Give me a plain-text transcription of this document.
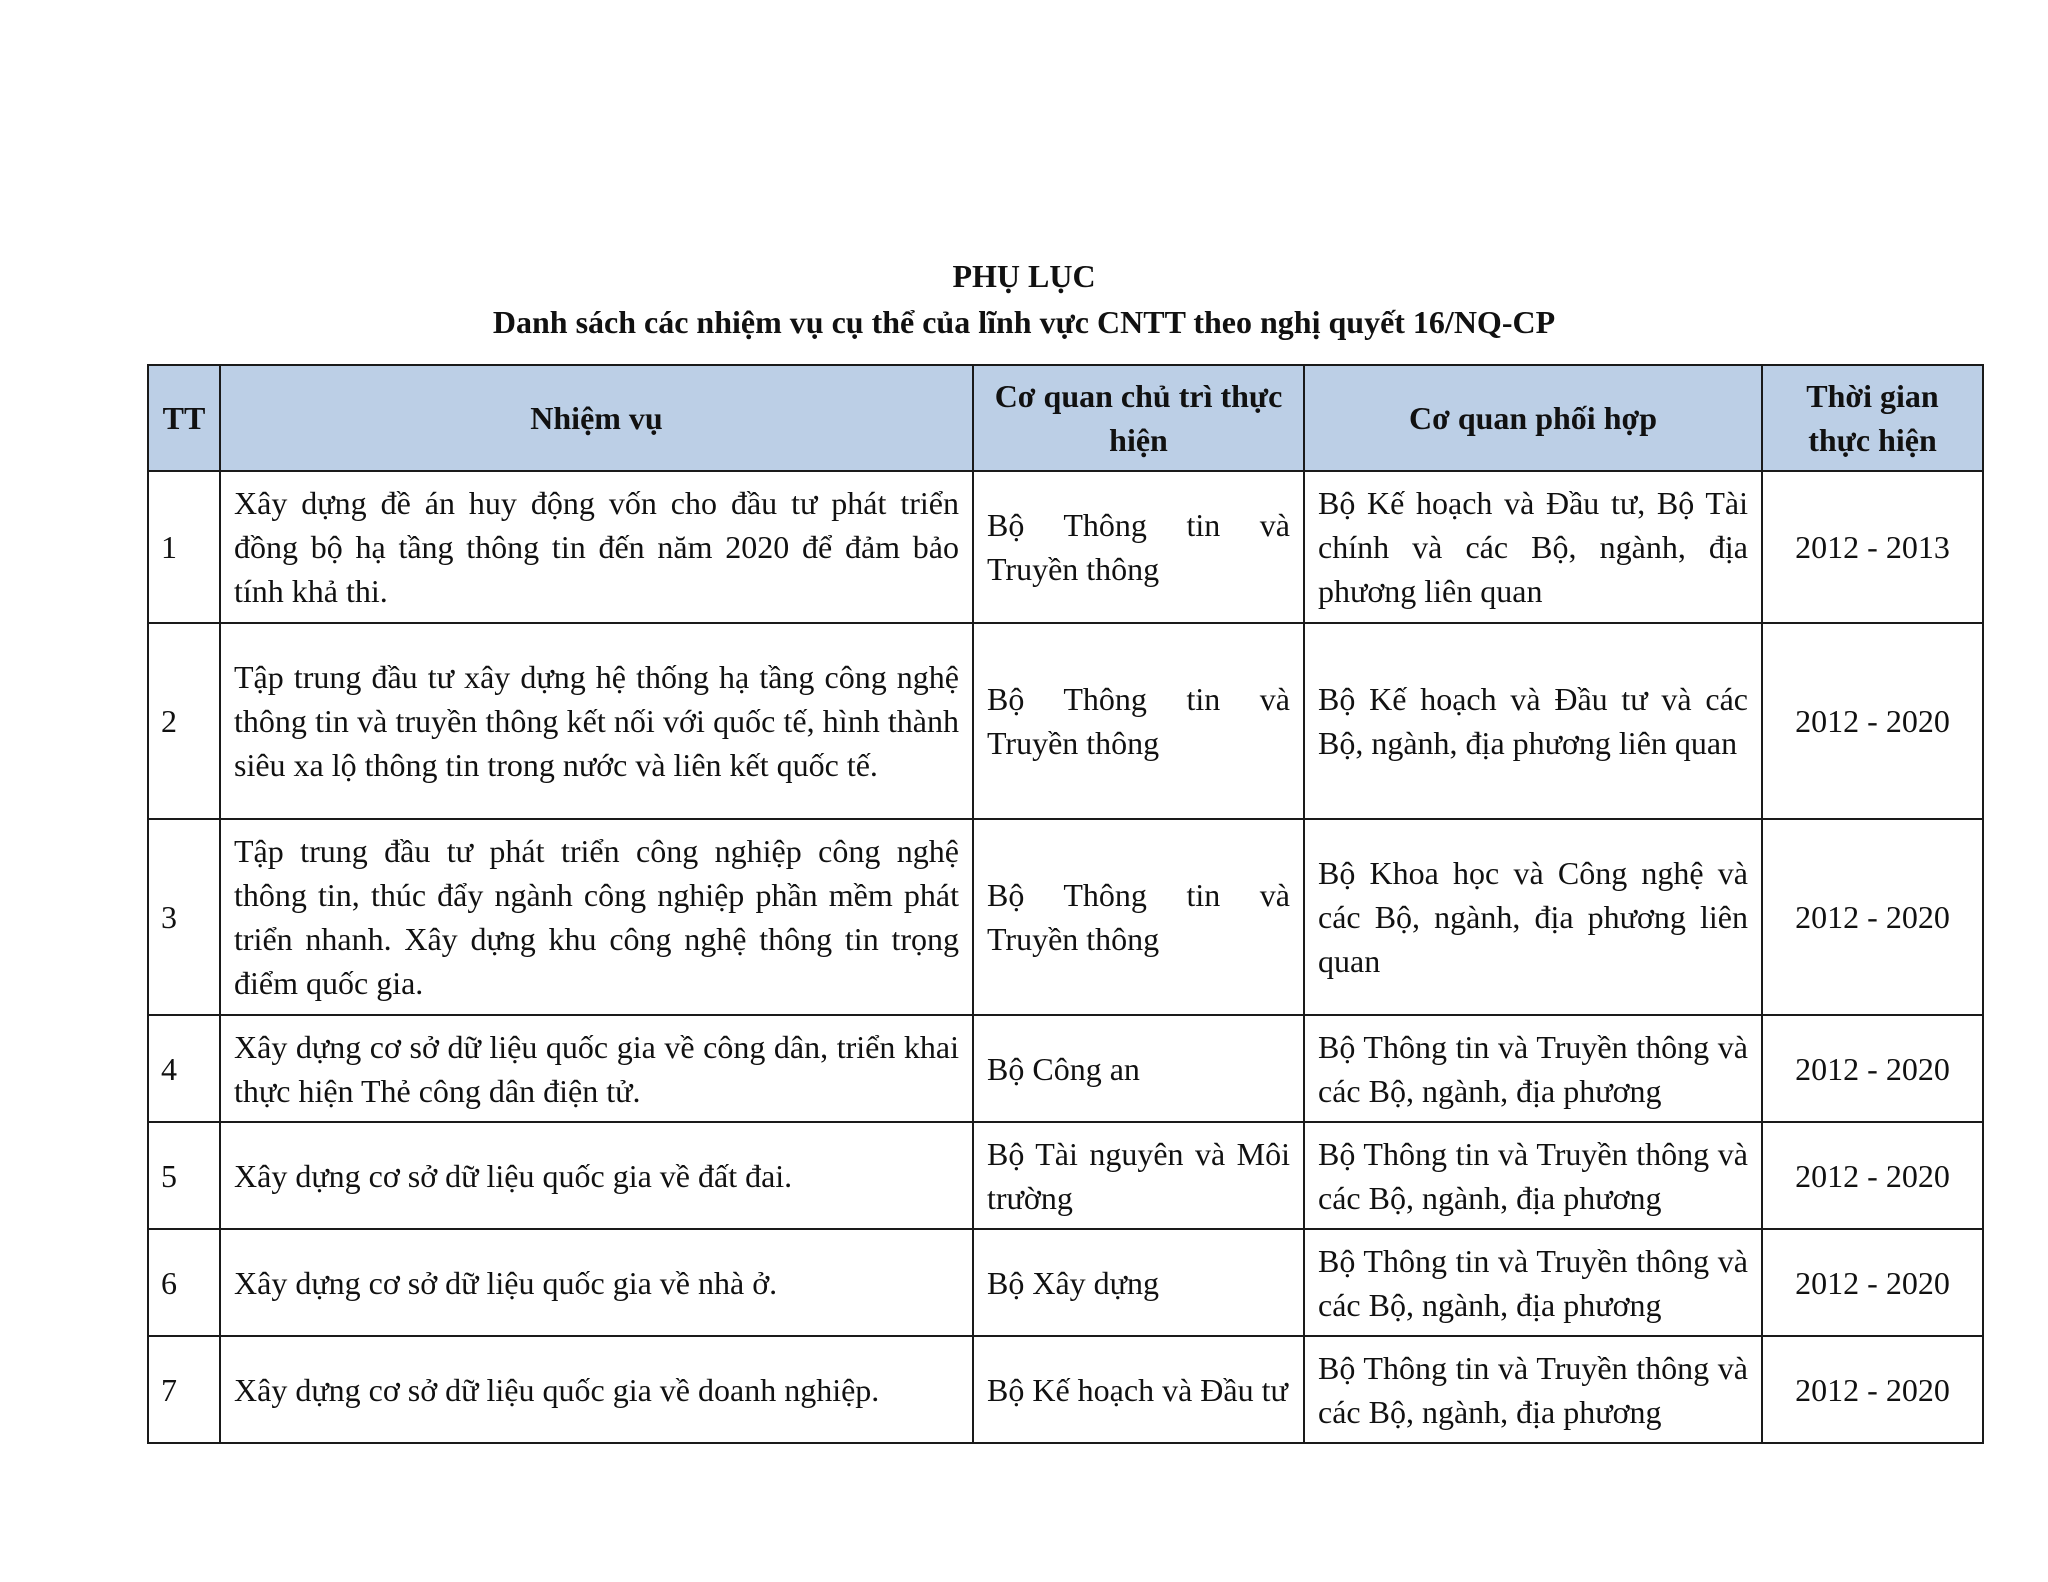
PHỤ LỤC
Danh sách các nhiệm vụ cụ thể của lĩnh vực CNTT theo nghị quyết 16/NQ-CP
TT	Nhiệm vụ	Cơ quan chủ trì thực hiện	Cơ quan phối hợp	Thời gian thực hiện
1	Xây dựng đề án huy động vốn cho đầu tư phát triển đồng bộ hạ tầng thông tin đến năm 2020 để đảm bảo tính khả thi.	Bộ Thông tin và Truyền thông	Bộ Kế hoạch và Đầu tư, Bộ Tài chính và các Bộ, ngành, địa phương liên quan	2012 - 2013
2	Tập trung đầu tư xây dựng hệ thống hạ tầng công nghệ thông tin và truyền thông kết nối với quốc tế, hình thành siêu xa lộ thông tin trong nước và liên kết quốc tế.	Bộ Thông tin và Truyền thông	Bộ Kế hoạch và Đầu tư và các Bộ, ngành, địa phương liên quan	2012 - 2020
3	Tập trung đầu tư phát triển công nghiệp công nghệ thông tin, thúc đẩy ngành công nghiệp phần mềm phát triển nhanh. Xây dựng khu công nghệ thông tin trọng điểm quốc gia.	Bộ Thông tin và Truyền thông	Bộ Khoa học và Công nghệ và các Bộ, ngành, địa phương liên quan	2012 - 2020
4	Xây dựng cơ sở dữ liệu quốc gia về công dân, triển khai thực hiện Thẻ công dân điện tử.	Bộ Công an	Bộ Thông tin và Truyền thông và các Bộ, ngành, địa phương	2012 - 2020
5	Xây dựng cơ sở dữ liệu quốc gia về đất đai.	Bộ Tài nguyên và Môi trường	Bộ Thông tin và Truyền thông và các Bộ, ngành, địa phương	2012 - 2020
6	Xây dựng cơ sở dữ liệu quốc gia về nhà ở.	Bộ Xây dựng	Bộ Thông tin và Truyền thông và các Bộ, ngành, địa phương	2012 - 2020
7	Xây dựng cơ sở dữ liệu quốc gia về doanh nghiệp.	Bộ Kế hoạch và Đầu tư	Bộ Thông tin và Truyền thông và các Bộ, ngành, địa phương	2012 - 2020
